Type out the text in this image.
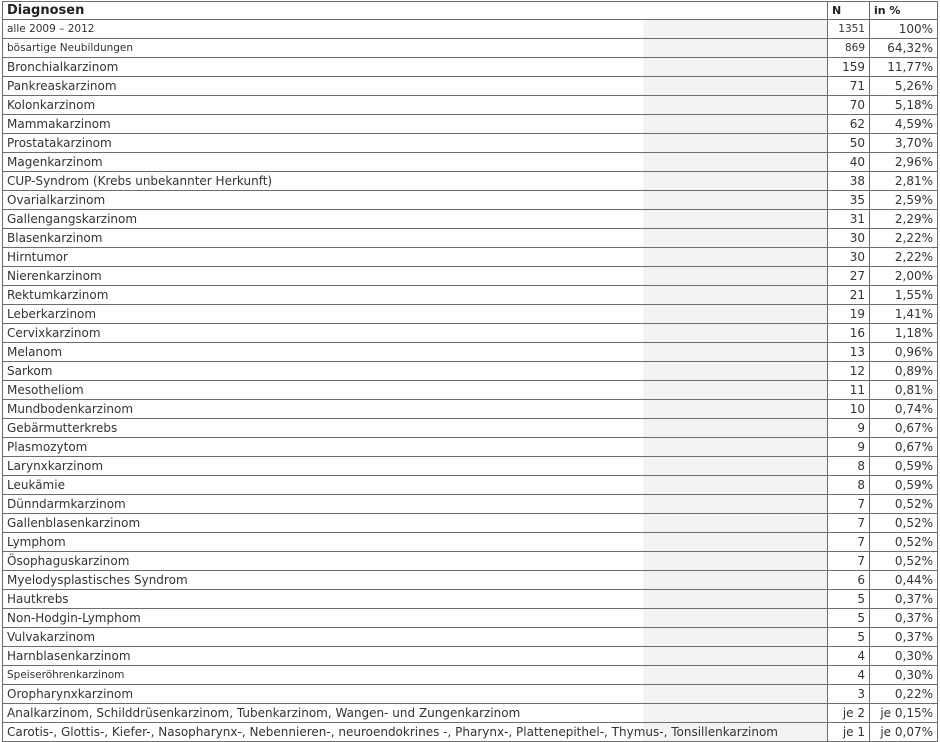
Diagnosen	N	in %
alle 2009 – 2012	1351	100%
bösartige Neubildungen	869	64,32%
Bronchialkarzinom	159	11,77%
Pankreaskarzinom	71	5,26%
Kolonkarzinom	70	5,18%
Mammakarzinom	62	4,59%
Prostatakarzinom	50	3,70%
Magenkarzinom	40	2,96%
CUP-Syndrom (Krebs unbekannter Herkunft)	38	2,81%
Ovarialkarzinom	35	2,59%
Gallengangskarzinom	31	2,29%
Blasenkarzinom	30	2,22%
Hirntumor	30	2,22%
Nierenkarzinom	27	2,00%
Rektumkarzinom	21	1,55%
Leberkarzinom	19	1,41%
Cervixkarzinom	16	1,18%
Melanom	13	0,96%
Sarkom	12	0,89%
Mesotheliom	11	0,81%
Mundbodenkarzinom	10	0,74%
Gebärmutterkrebs	9	0,67%
Plasmozytom	9	0,67%
Larynxkarzinom	8	0,59%
Leukämie	8	0,59%
Dünndarmkarzinom	7	0,52%
Gallenblasenkarzinom	7	0,52%
Lymphom	7	0,52%
Ösophaguskarzinom	7	0,52%
Myelodysplastisches Syndrom	6	0,44%
Hautkrebs	5	0,37%
Non-Hodgin-Lymphom	5	0,37%
Vulvakarzinom	5	0,37%
Harnblasenkarzinom	4	0,30%
Speiseröhrenkarzinom	4	0,30%
Oropharynxkarzinom	3	0,22%
Analkarzinom, Schilddrüsenkarzinom, Tubenkarzinom, Wangen- und Zungenkarzinom	je 2	je 0,15%
Carotis-, Glottis-, Kiefer-, Nasopharynx-, Nebennieren-, neuroendokrines -, Pharynx-, Plattenepithel-, Thymus-, Tonsillenkarzinom	je 1	je 0,07%
